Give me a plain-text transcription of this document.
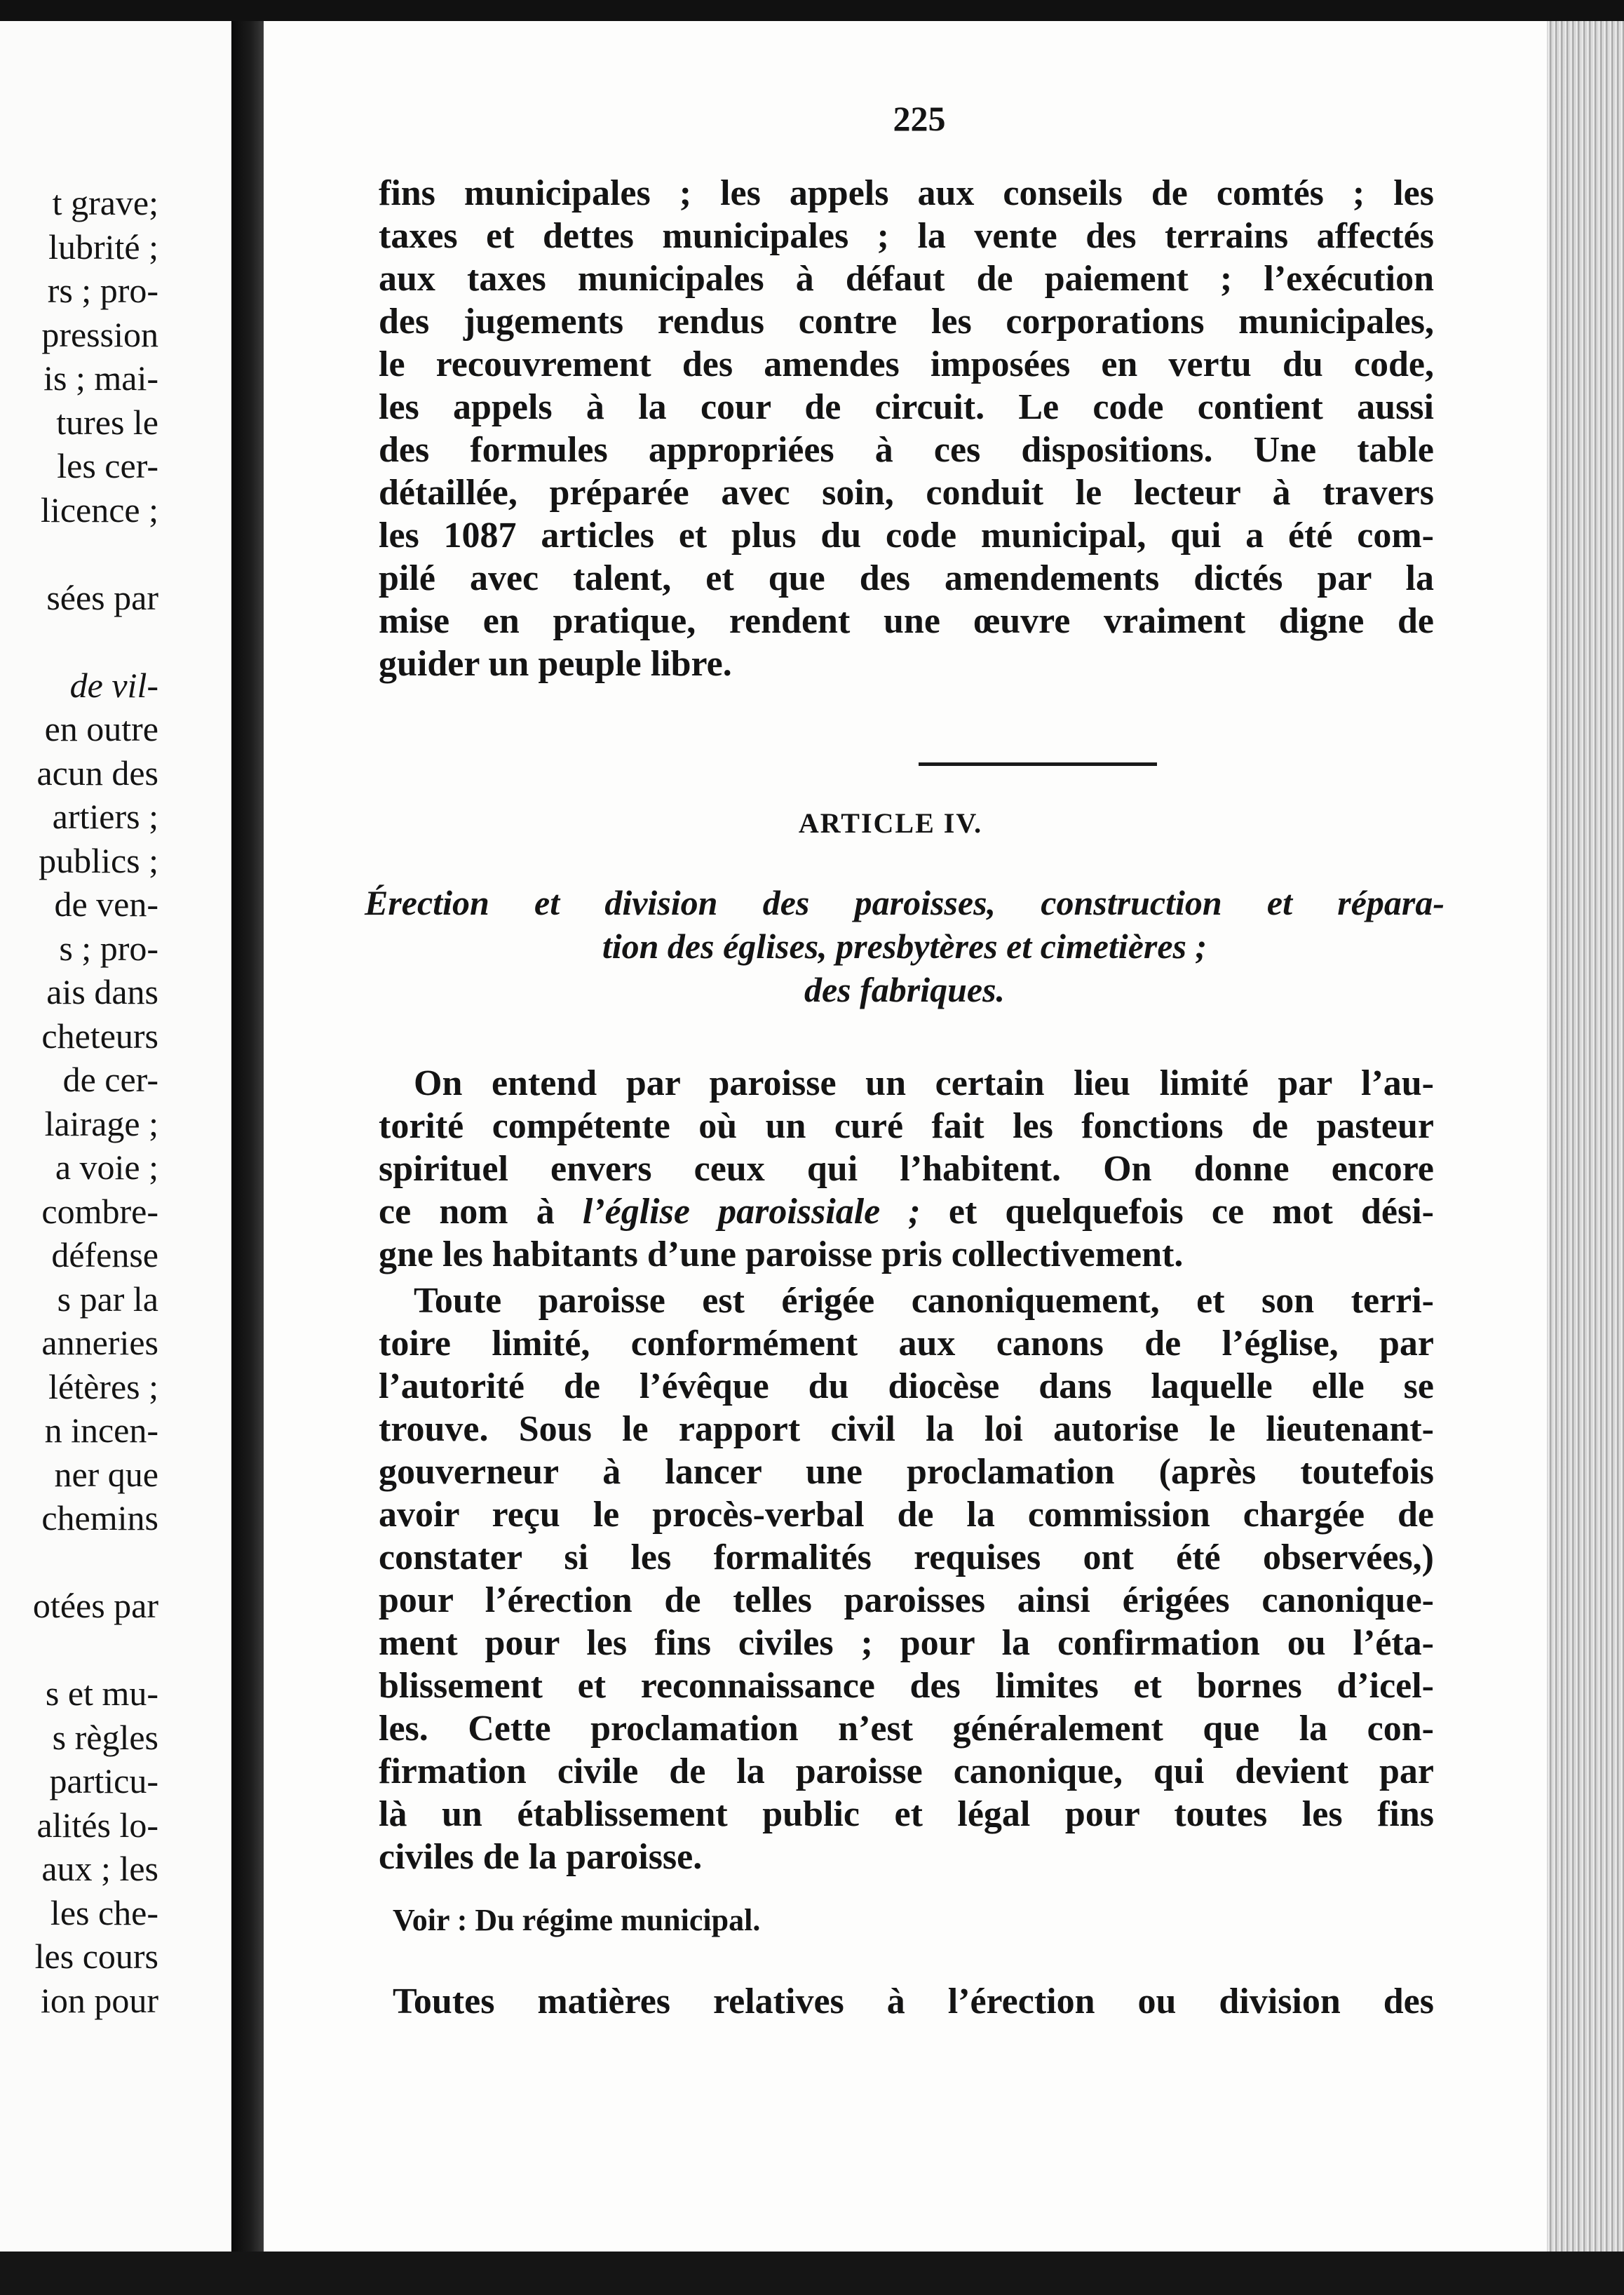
t grave;
lubrité ;
rs ; pro-
pression
is ; mai-
tures le
les cer-
licence ;

sées par

de vil-
en outre
acun des
artiers ;
publics ;
de ven-
s ; pro-
ais dans
cheteurs
de cer-
lairage ;
a voie ;
combre-
défense
s par la
anneries
létères ;
n incen-
ner que
chemins

otées par

s et mu-
s règles
particu-
alités lo-
aux ; les
les che-
les cours
ion pour
225
fins municipales ; les appels aux conseils de comtés ; les
taxes et dettes municipales ; la vente des terrains affectés
aux taxes municipales à défaut de paiement ; l’exécution
des jugements rendus contre les corporations municipales,
le recouvrement des amendes imposées en vertu du code,
les appels à la cour de circuit. Le code contient aussi
des formules appropriées à ces dispositions. Une table
détaillée, préparée avec soin, conduit le lecteur à travers
les 1087 articles et plus du code municipal, qui a été com-
pilé avec talent, et que des amendements dictés par la
mise en pratique, rendent une œuvre vraiment digne de
guider un peuple libre.
ARTICLE IV.
Érection et division des paroisses, construction et répara-
tion des églises, presbytères et cimetières ;
des fabriques.
On entend par paroisse un certain lieu limité par l’au-
torité compétente où un curé fait les fonctions de pasteur
spirituel envers ceux qui l’habitent. On donne encore
ce nom à l’église paroissiale ; et quelquefois ce mot dési-
gne les habitants d’une paroisse pris collectivement.
Toute paroisse est érigée canoniquement, et son terri-
toire limité, conformément aux canons de l’église, par
l’autorité de l’évêque du diocèse dans laquelle elle se
trouve. Sous le rapport civil la loi autorise le lieutenant-
gouverneur à lancer une proclamation (après toutefois
avoir reçu le procès-verbal de la commission chargée de
constater si les formalités requises ont été observées,)
pour l’érection de telles paroisses ainsi érigées canonique-
ment pour les fins civiles ; pour la confirmation ou l’éta-
blissement et reconnaissance des limites et bornes d’icel-
les. Cette proclamation n’est généralement que la con-
firmation civile de la paroisse canonique, qui devient par
là un établissement public et légal pour toutes les fins
civiles de la paroisse.
Voir : Du régime municipal.
Toutes matières relatives à l’érection ou division des
